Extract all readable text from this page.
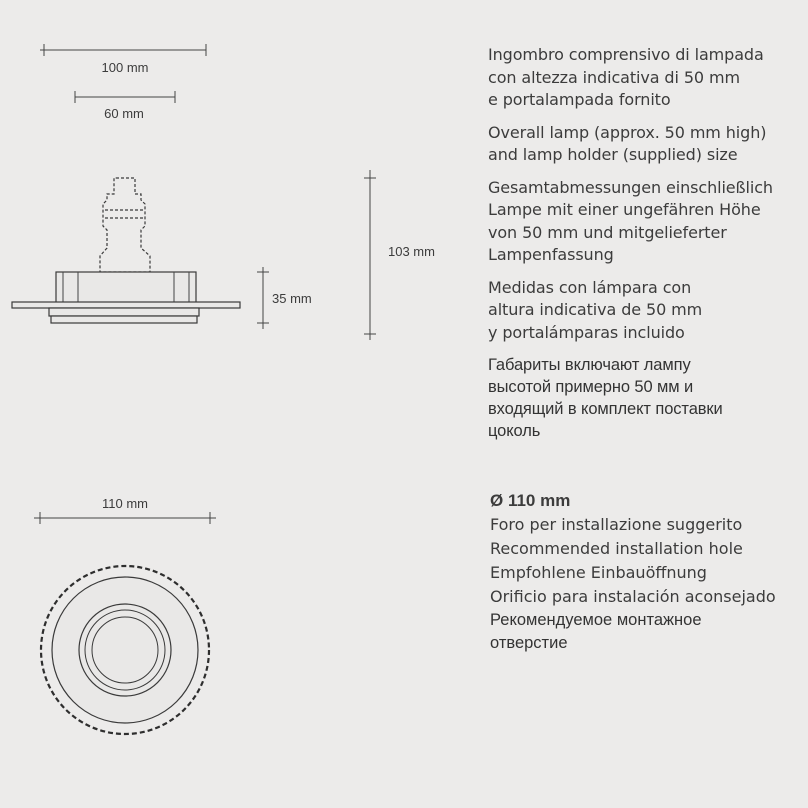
100 mm
60 mm
35 mm
103 mm
110 mm

Ingombro comprensivo di lampada
con altezza indicativa di 50 mm
e portalampada fornito

Overall lamp (approx. 50 mm high)
and lamp holder (supplied) size

Gesamtabmessungen einschließlich
Lampe mit einer ungefähren Höhe
von 50 mm und mitgelieferter
Lampenfassung

Medidas con lámpara con
altura indicativa de 50 mm
y portalámparas incluido

Габариты включают лампу
высотой примерно 50 мм и
входящий в комплект поставки
цоколь

Ø 110 mm
Foro per installazione suggerito
Recommended installation hole
Empfohlene Einbauöffnung
Orificio para instalación aconsejado
Рекомендуемое монтажное
отверстие
